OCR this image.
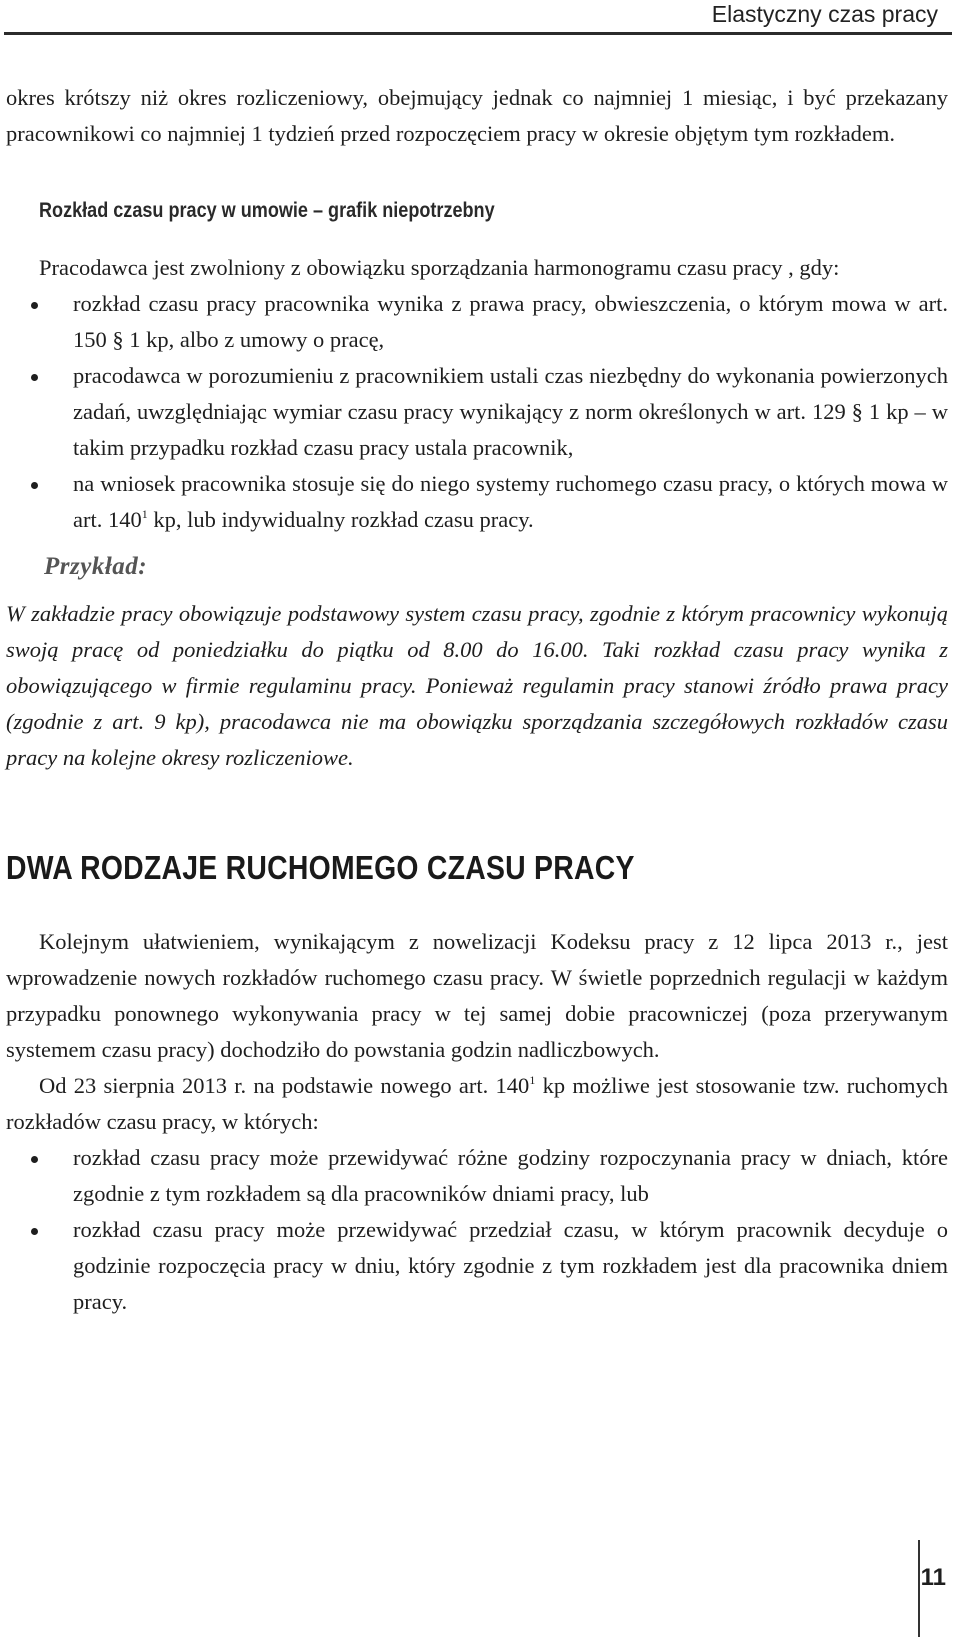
Elastyczny czas pracy

okres krótszy niż okres rozliczeniowy, obejmujący jednak co najmniej 1 miesiąc, i być przekazany pracownikowi co najmniej 1 tydzień przed rozpoczęciem pracy w okresie objętym tym rozkładem.

Rozkład czasu pracy w umowie – grafik niepotrzebny

Pracodawca jest zwolniony z obowiązku sporządzania harmonogramu czasu pracy , gdy:

rozkład czasu pracy pracownika wynika z prawa pracy, obwieszczenia, o którym mowa w art. 150 § 1 kp, albo z umowy o pracę,
pracodawca w porozumieniu z pracownikiem ustali czas niezbędny do wykonania powierzonych zadań, uwzględniając wymiar czasu pracy wynikający z norm określonych w art. 129 § 1 kp – w takim przypadku rozkład czasu pracy ustala pracownik,
na wniosek pracownika stosuje się do niego systemy ruchomego czasu pracy, o których mowa w art. $140^1$ kp, lub indywidualny rozkład czasu pracy.
Przykład:

W zakładzie pracy obowiązuje podstawowy system czasu pracy, zgodnie z którym pracownicy wykonują swoją pracę od poniedziałku do piątku od 8.00 do 16.00. Taki rozkład czasu pracy wynika z obowiązującego w firmie regulaminu pracy. Ponieważ regulamin pracy stanowi źródło prawa pracy (zgodnie z art. 9 kp), pracodawca nie ma obowiązku sporządzania szczegółowych rozkładów czasu pracy na kolejne okresy rozliczeniowe.

DWA RODZAJE RUCHOMEGO CZASU PRACY

Kolejnym ułatwieniem, wynikającym z nowelizacji Kodeksu pracy z 12 lipca 2013 r., jest wprowadzenie nowych rozkładów ruchomego czasu pracy. W świetle poprzednich regulacji w każdym przypadku ponownego wykonywania pracy w tej samej dobie pracowniczej (poza przerywanym systemem czasu pracy) dochodziło do powstania godzin nadliczbowych.

Od 23 sierpnia 2013 r. na podstawie nowego art. $140^1$ kp możliwe jest stosowanie tzw. ruchomych rozkładów czasu pracy, w których:

rozkład czasu pracy może przewidywać różne godziny rozpoczynania pracy w dniach, które zgodnie z tym rozkładem są dla pracowników dniami pracy, lub
rozkład czasu pracy może przewidywać przedział czasu, w którym pracownik decyduje o godzinie rozpoczęcia pracy w dniu, który zgodnie z tym rozkładem jest dla pracownika dniem pracy.
11
